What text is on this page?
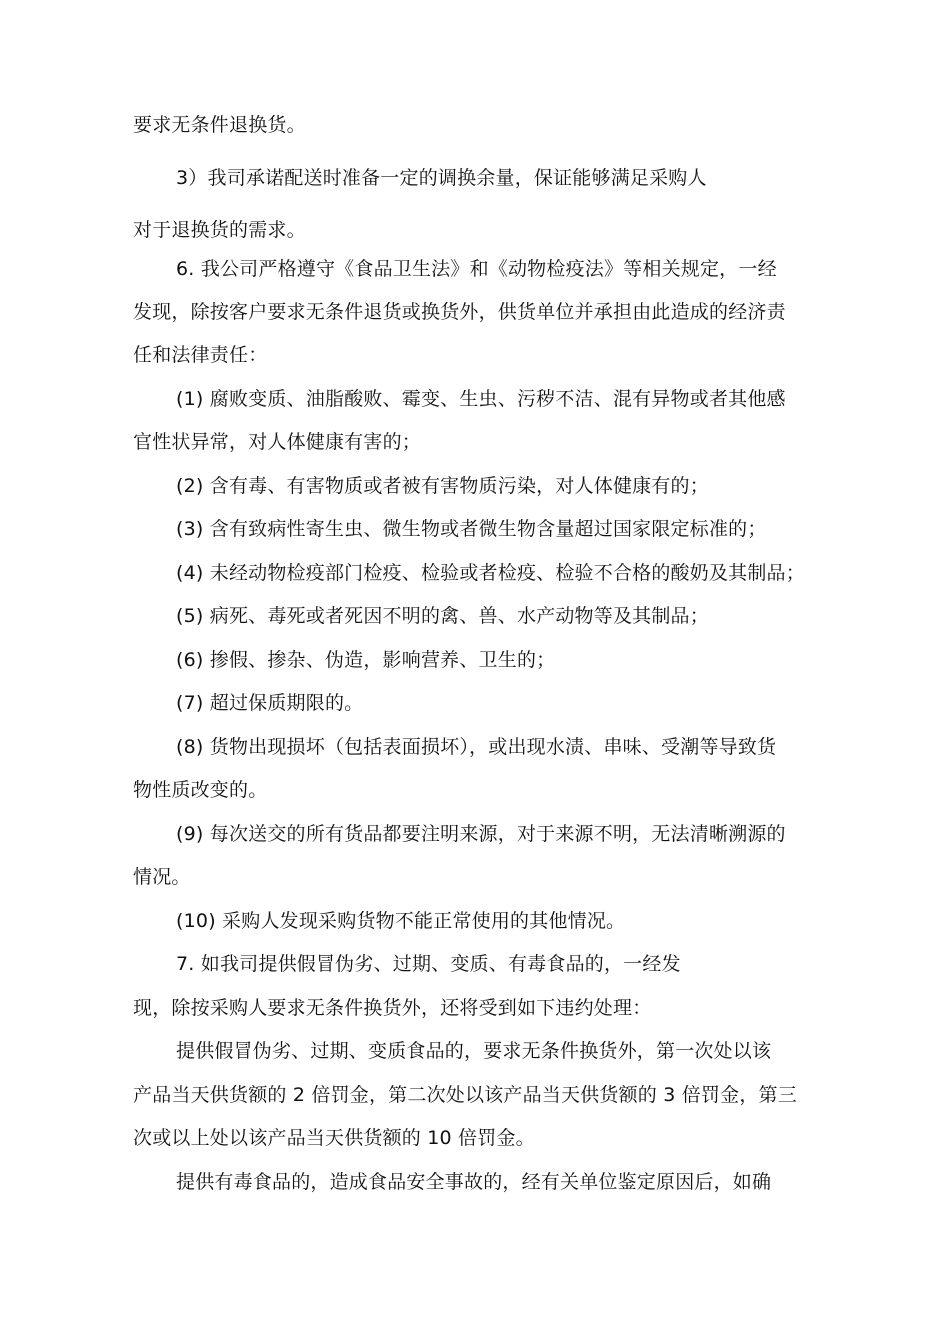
要求无条件退换货。
3）我司承诺配送时准备一定的调换余量，保证能够满足采购人
对于退换货的需求。
6. 我公司严格遵守《食品卫生法》和《动物检疫法》等相关规定，一经
发现，除按客户要求无条件退货或换货外，供货单位并承担由此造成的经济责
任和法律责任：
(1) 腐败变质、油脂酸败、霉变、生虫、污秽不洁、混有异物或者其他感
官性状异常，对人体健康有害的；
(2) 含有毒、有害物质或者被有害物质污染，对人体健康有的；
(3) 含有致病性寄生虫、微生物或者微生物含量超过国家限定标准的；
(4) 未经动物检疫部门检疫、检验或者检疫、检验不合格的酸奶及其制品；
(5) 病死、毒死或者死因不明的禽、兽、水产动物等及其制品；
(6) 掺假、掺杂、伪造，影响营养、卫生的；
(7) 超过保质期限的。
(8) 货物出现损坏（包括表面损坏），或出现水渍、串味、受潮等导致货
物性质改变的。
(9) 每次送交的所有货品都要注明来源，对于来源不明，无法清晰溯源的
情况。
(10) 采购人发现采购货物不能正常使用的其他情况。
7. 如我司提供假冒伪劣、过期、变质、有毒食品的，一经发
现，除按采购人要求无条件换货外，还将受到如下违约处理：
提供假冒伪劣、过期、变质食品的，要求无条件换货外，第一次处以该
产品当天供货额的 2 倍罚金，第二次处以该产品当天供货额的 3 倍罚金，第三
次或以上处以该产品当天供货额的 10 倍罚金。
提供有毒食品的，造成食品安全事故的，经有关单位鉴定原因后，如确
